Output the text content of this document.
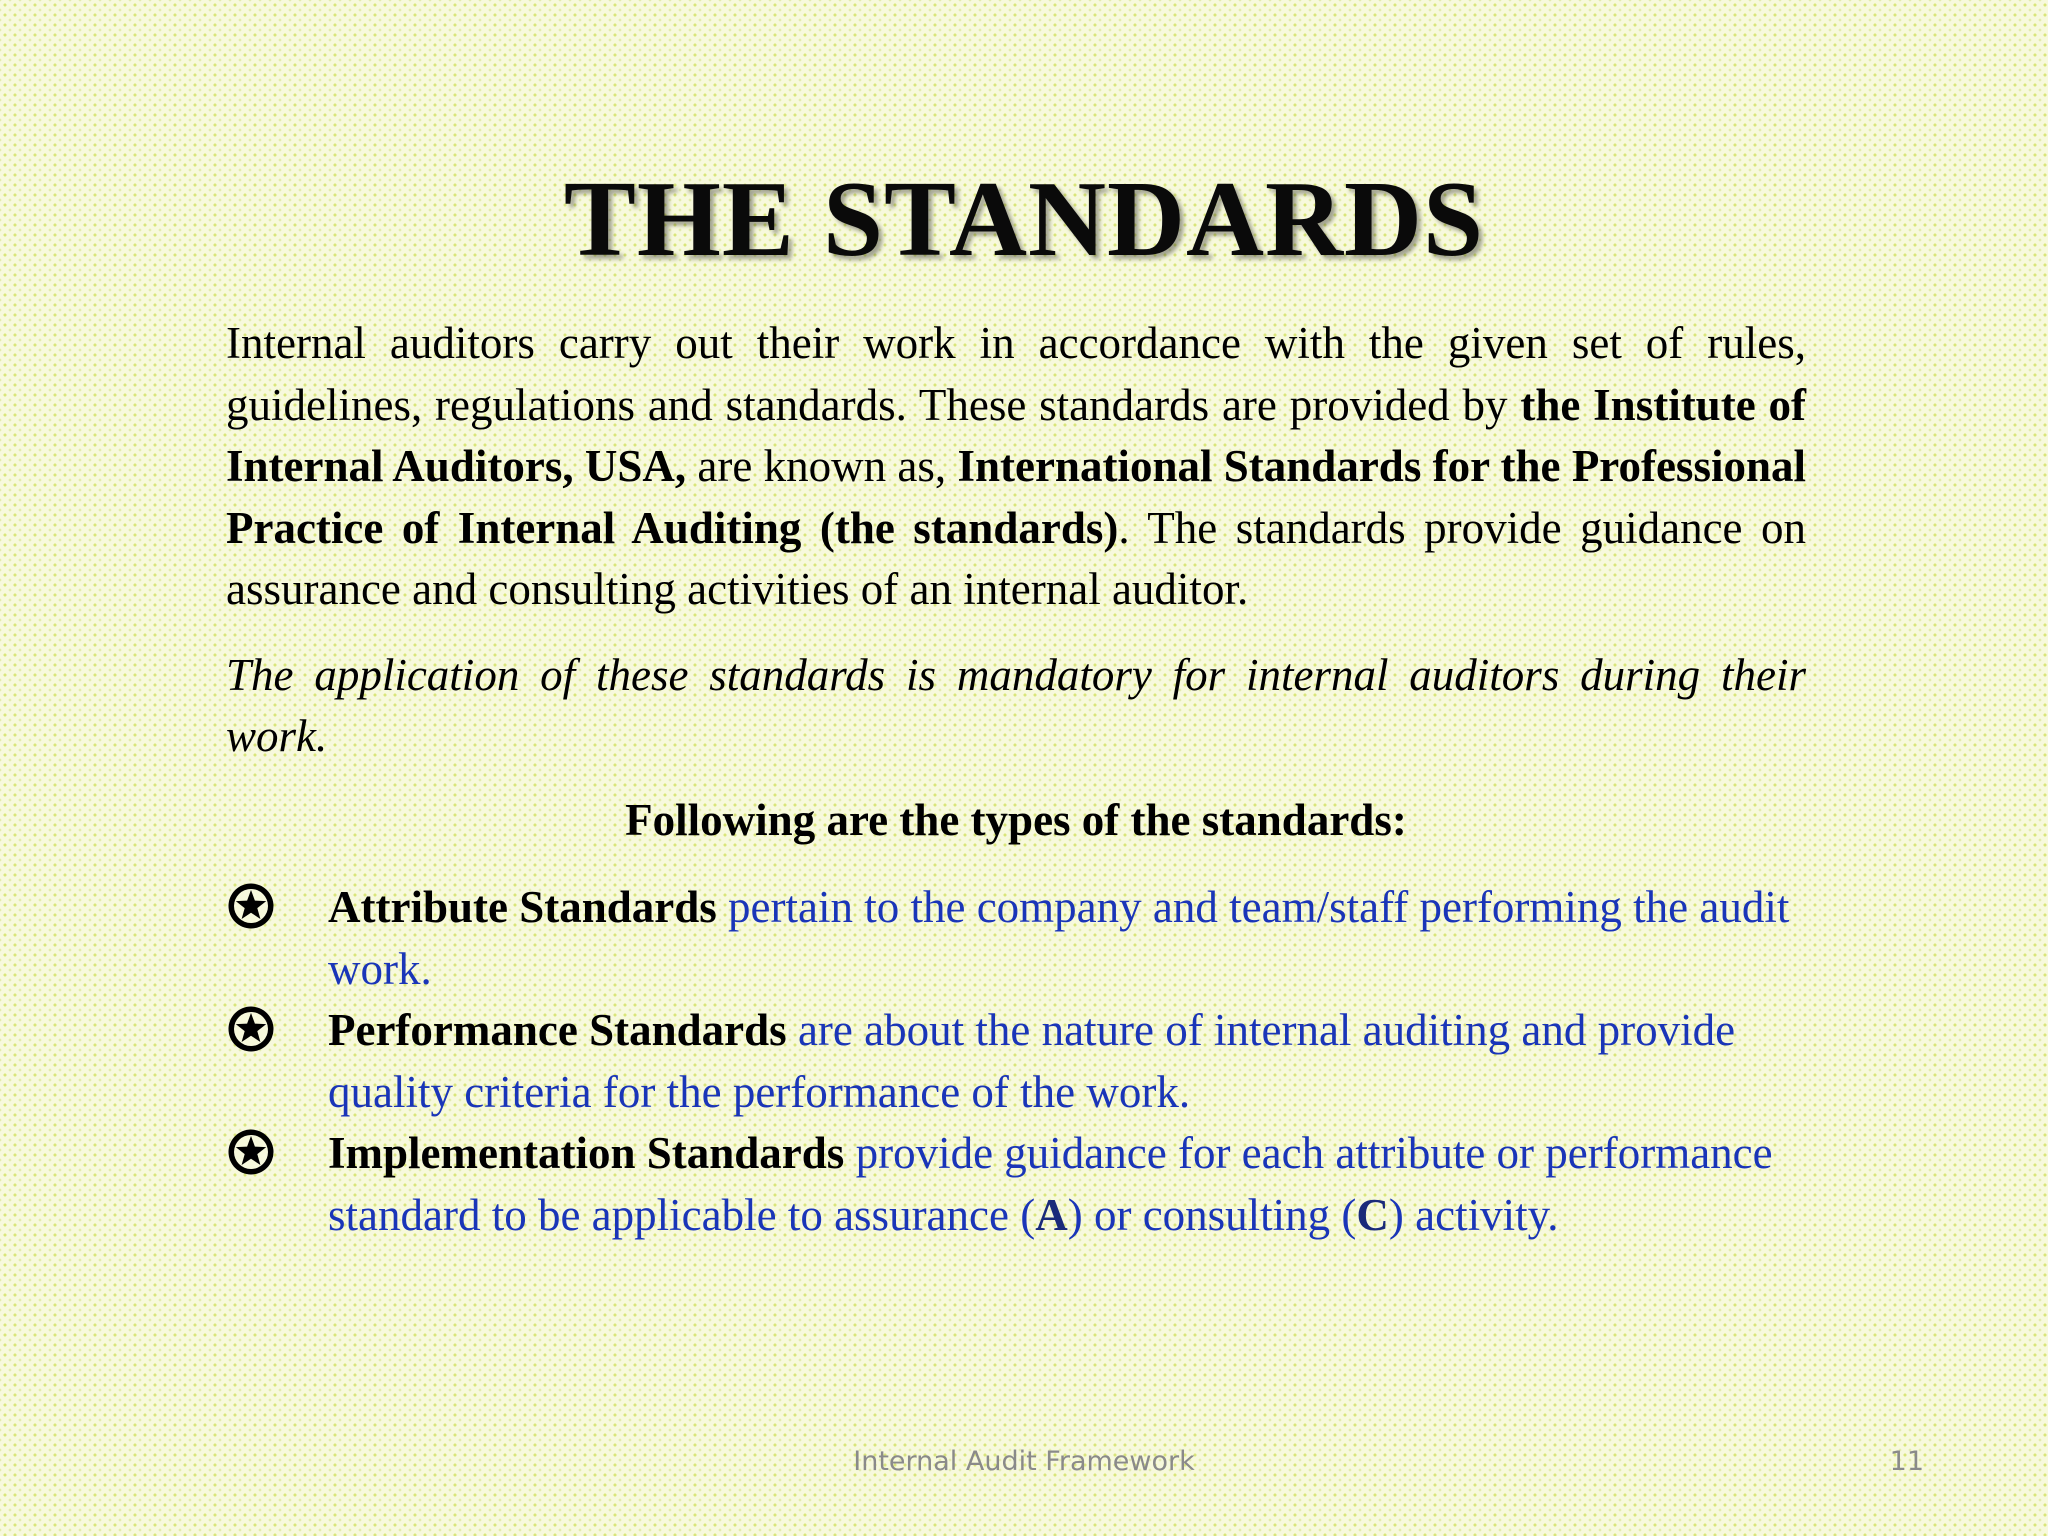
THE STANDARDS

Internal auditors carry out their work in accordance with the given set of rules, guidelines, regulations and standards. These standards are provided by the Institute of Internal Auditors, USA, are known as, International Standards for the Professional Practice of Internal Auditing (the standards). The standards provide guidance on assurance and consulting activities of an internal auditor.

The application of these standards is mandatory for internal auditors during their work.

Following are the types of the standards:

Attribute Standards pertain to the company and team/staff performing the audit work.
Performance Standards are about the nature of internal auditing and provide quality criteria for the performance of the work.
Implementation Standards provide guidance for each attribute or performance standard to be applicable to assurance (A) or consulting (C) activity.
Internal Audit Framework	11
